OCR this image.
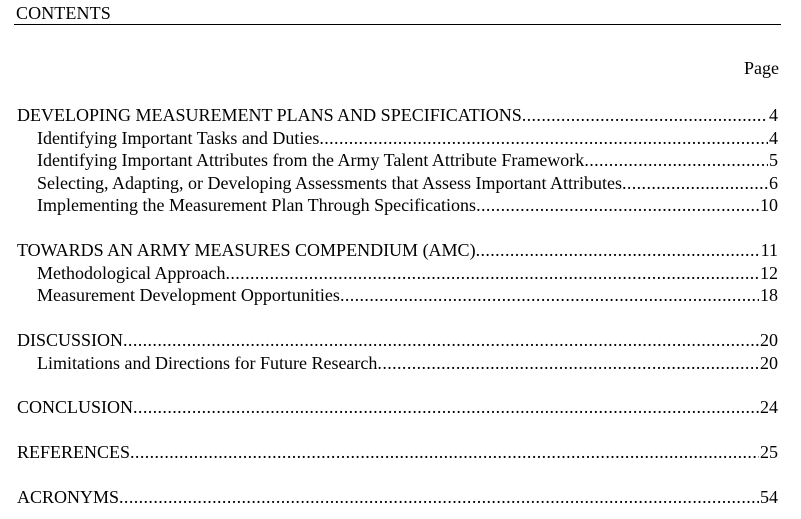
CONTENTS
Page
DEVELOPING MEASUREMENT PLANS AND SPECIFICATIONS .....	4
Identifying Important Tasks and Duties .....	4
Identifying Important Attributes from the Army Talent Attribute Framework .....	5
Selecting, Adapting, or Developing Assessments that Assess Important Attributes .....	6
Implementing the Measurement Plan Through Specifications .....	10
TOWARDS AN ARMY MEASURES COMPENDIUM (AMC) .....	11
Methodological Approach .....	12
Measurement Development Opportunities .....	18
DISCUSSION .....	20
Limitations and Directions for Future Research .....	20
CONCLUSION .....	24
REFERENCES .....	25
ACRONYMS .....	54
